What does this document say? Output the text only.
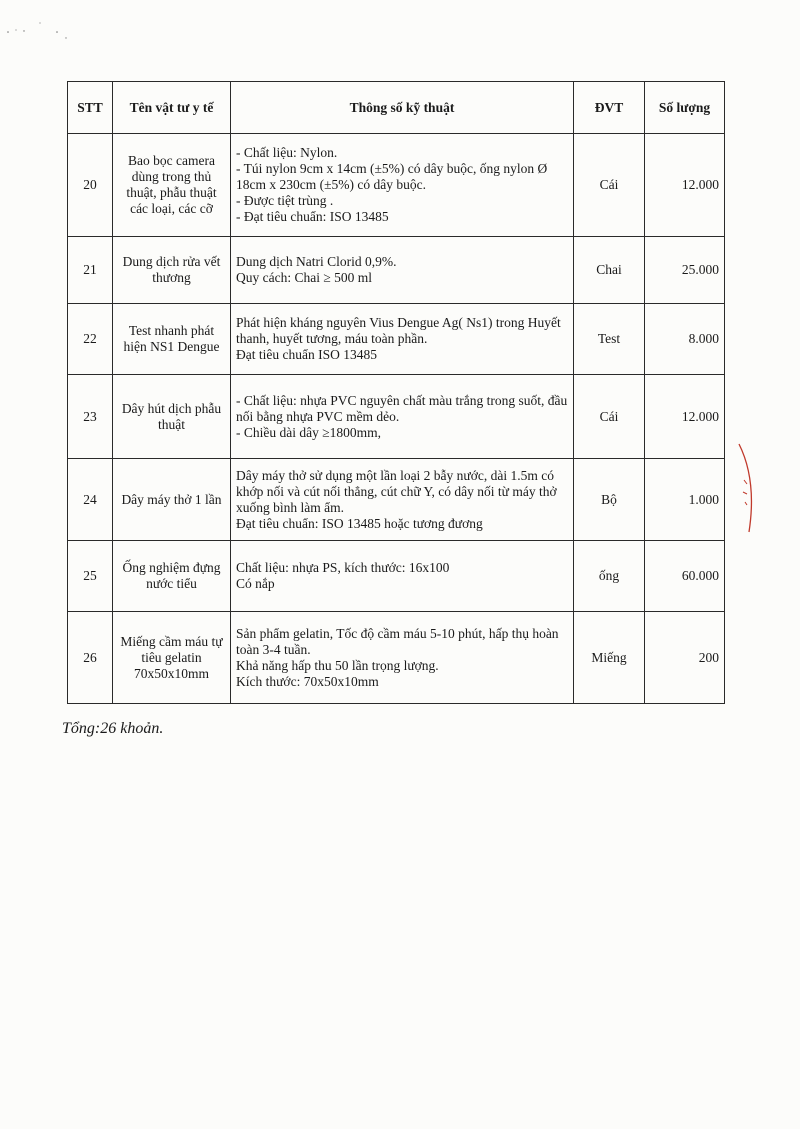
STT	Tên vật tư y tế	Thông số kỹ thuật	ĐVT	Số lượng
20	Bao bọc camera dùng trong thủ thuật, phẫu thuật các loại, các cỡ	- Chất liệu: Nylon.
- Túi nylon 9cm x 14cm (±5%) có dây buộc, ống nylon Ø 18cm x 230cm (±5%) có dây buộc.
- Được tiệt trùng .
- Đạt tiêu chuẩn: ISO 13485	Cái	12.000
21	Dung dịch rửa vết thương	Dung dịch Natri Clorid 0,9%.
Quy cách: Chai ≥ 500 ml	Chai	25.000
22	Test nhanh phát hiện NS1 Dengue	Phát hiện kháng nguyên Vius Dengue Ag( Ns1) trong Huyết thanh, huyết tương, máu toàn phần.
Đạt tiêu chuẩn ISO 13485	Test	8.000
23	Dây hút dịch phẫu thuật	- Chất liệu: nhựa PVC nguyên chất màu trắng trong suốt, đầu nối bằng nhựa PVC mềm dẻo.
- Chiều dài dây ≥1800mm,	Cái	12.000
24	Dây máy thở 1 lần	Dây máy thở sử dụng một lần loại 2 bẫy nước, dài 1.5m có khớp nối và cút nối thẳng, cút chữ Y, có dây nối từ máy thở xuống bình làm ẩm.
Đạt tiêu chuẩn: ISO 13485 hoặc tương đương	Bộ	1.000
25	Ống nghiệm đựng nước tiểu	Chất liệu: nhựa PS, kích thước: 16x100
Có nắp	ống	60.000
26	Miếng cầm máu tự tiêu gelatin 70x50x10mm	Sản phẩm gelatin, Tốc độ cầm máu 5-10 phút, hấp thụ hoàn toàn 3-4 tuần.
Khả năng hấp thu 50 lần trọng lượng.
Kích thước: 70x50x10mm	Miếng	200
Tổng:26 khoản.
